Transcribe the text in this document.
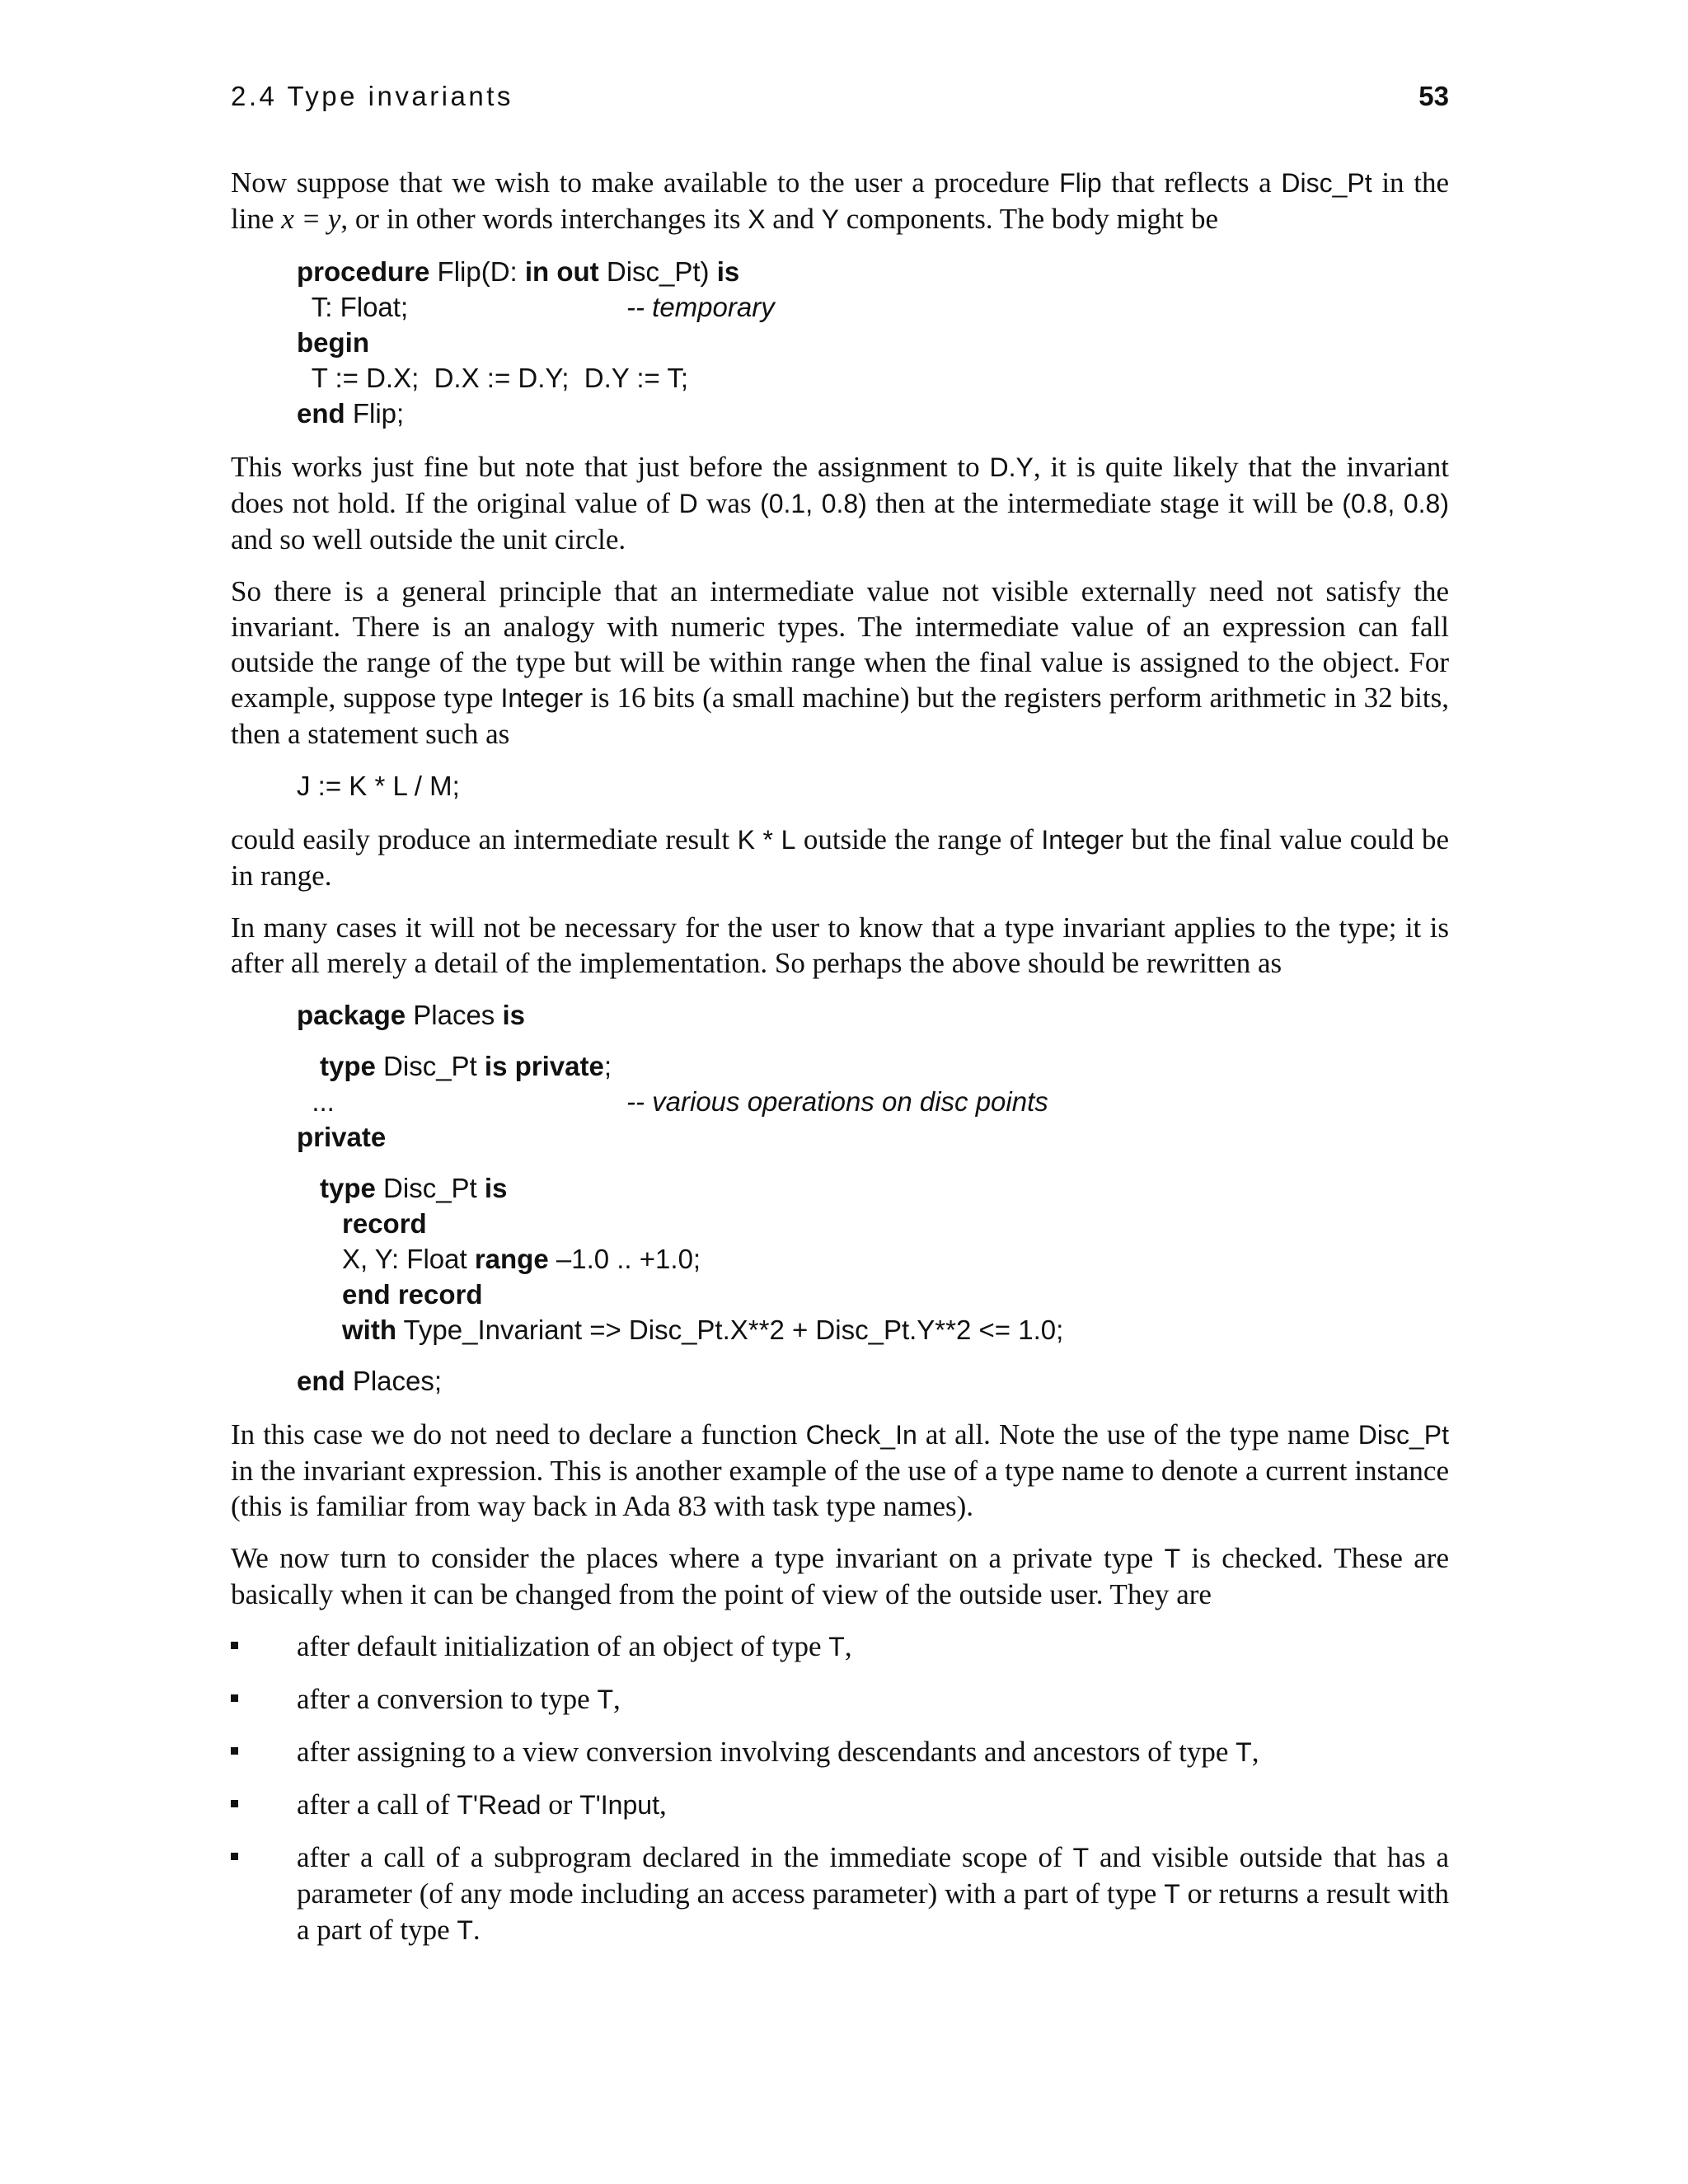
2.4 Type invariants	53

Now suppose that we wish to make available to the user a procedure Flip that reflects a Disc_Pt in the line x = y, or in other words interchanges its X and Y components. The body might be

procedure Flip(D: in out Disc_Pt) is
T: Float;	-- temporary
begin
T := D.X;  D.X := D.Y;  D.Y := T;
end Flip;

This works just fine but note that just before the assignment to D.Y, it is quite likely that the invariant does not hold. If the original value of D was (0.1, 0.8) then at the intermediate stage it will be (0.8, 0.8) and so well outside the unit circle.

So there is a general principle that an intermediate value not visible externally need not satisfy the invariant. There is an analogy with numeric types. The intermediate value of an expression can fall outside the range of the type but will be within range when the final value is assigned to the object. For example, suppose type Integer is 16 bits (a small machine) but the registers perform arithmetic in 32 bits, then a statement such as

J := K * L / M;

could easily produce an intermediate result K * L outside the range of Integer but the final value could be in range.

In many cases it will not be necessary for the user to know that a type invariant applies to the type; it is after all merely a detail of the implementation. So perhaps the above should be rewritten as

package Places is
type Disc_Pt is private;
...	-- various operations on disc points
private
type Disc_Pt is
record
X, Y: Float range –1.0 .. +1.0;
end record
with Type_Invariant => Disc_Pt.X**2 + Disc_Pt.Y**2 <= 1.0;
end Places;

In this case we do not need to declare a function Check_In at all. Note the use of the type name Disc_Pt in the invariant expression. This is another example of the use of a type name to denote a current instance (this is familiar from way back in Ada 83 with task type names).

We now turn to consider the places where a type invariant on a private type T is checked. These are basically when it can be changed from the point of view of the outside user. They are

after default initialization of an object of type T,
after a conversion to type T,
after assigning to a view conversion involving descendants and ancestors of type T,
after a call of T'Read or T'Input,
after a call of a subprogram declared in the immediate scope of T and visible outside that has a parameter (of any mode including an access parameter) with a part of type T or returns a result with a part of type T.
